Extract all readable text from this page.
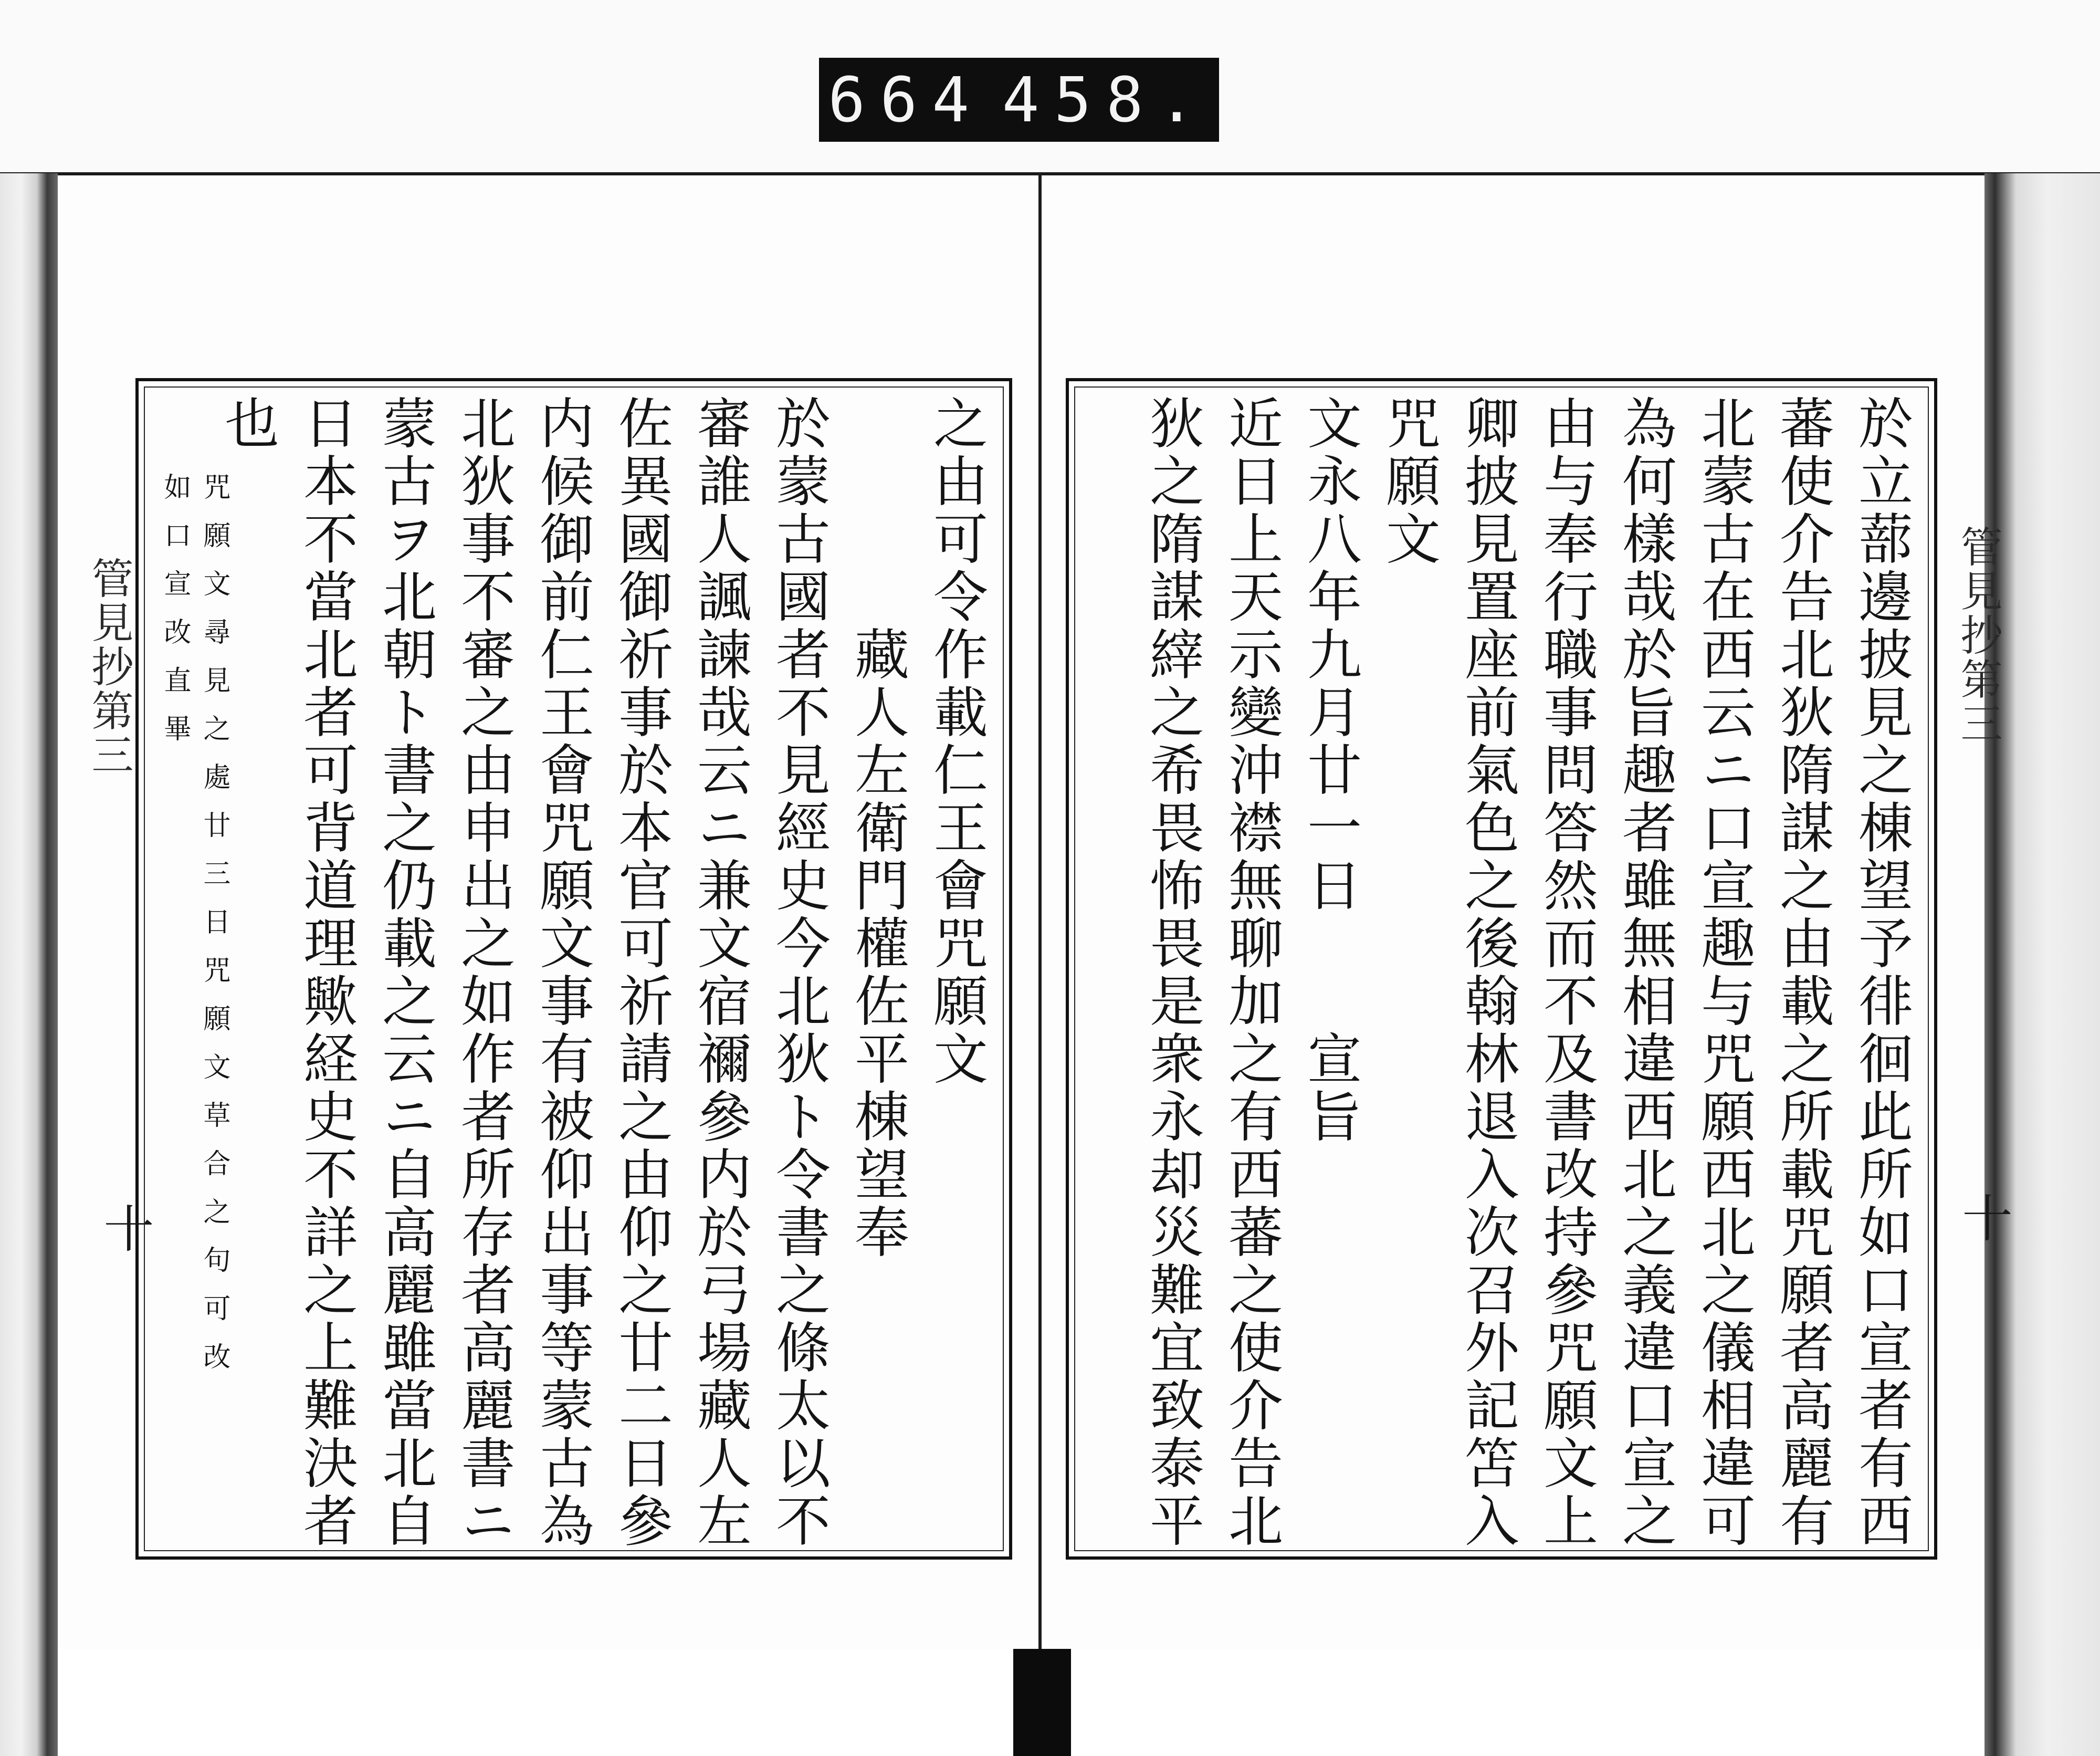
664 458.
管見抄第三
十
之由可令作載仁王會咒願文
　　　　藏人左衛門權佐平棟望奉
於蒙古國者不見經史今北狄ト令書之條太以不
審誰人諷諫哉云ニ兼文宿禰參内於弓場藏人左
佐異國御祈事於本官可祈請之由仰之廿二日參
内候御前仁王會咒願文事有被仰出事等蒙古為
北狄事不審之由申出之如作者所存者高麗書ニ
蒙古ヲ北朝ト書之仍載之云ニ自高麗雖當北自
日本不當北者可背道理歟経史不詳之上難決者
也
咒願文尋見之處廿三日咒願文草合之句可改
如口宣改直畢	管見抄第三
十
於立蔀邊披見之棟望予徘徊此所如口宣者有西
蕃使介告北狄隋謀之由載之所載咒願者高麗有
北蒙古在西云ニ口宣趣与咒願西北之儀相違可
為何樣哉於旨趣者雖無相違西北之義違口宣之
由与奉行職事問答然而不及書改持參咒願文上
卿披見置座前氣色之後翰林退入次召外記笘入
咒願文
文永八年九月廿一日　　宣旨
近日上天示變沖襟無聊加之有西蕃之使介告北
狄之隋謀縡之希畏怖畏是衆永却災難宜致泰平
